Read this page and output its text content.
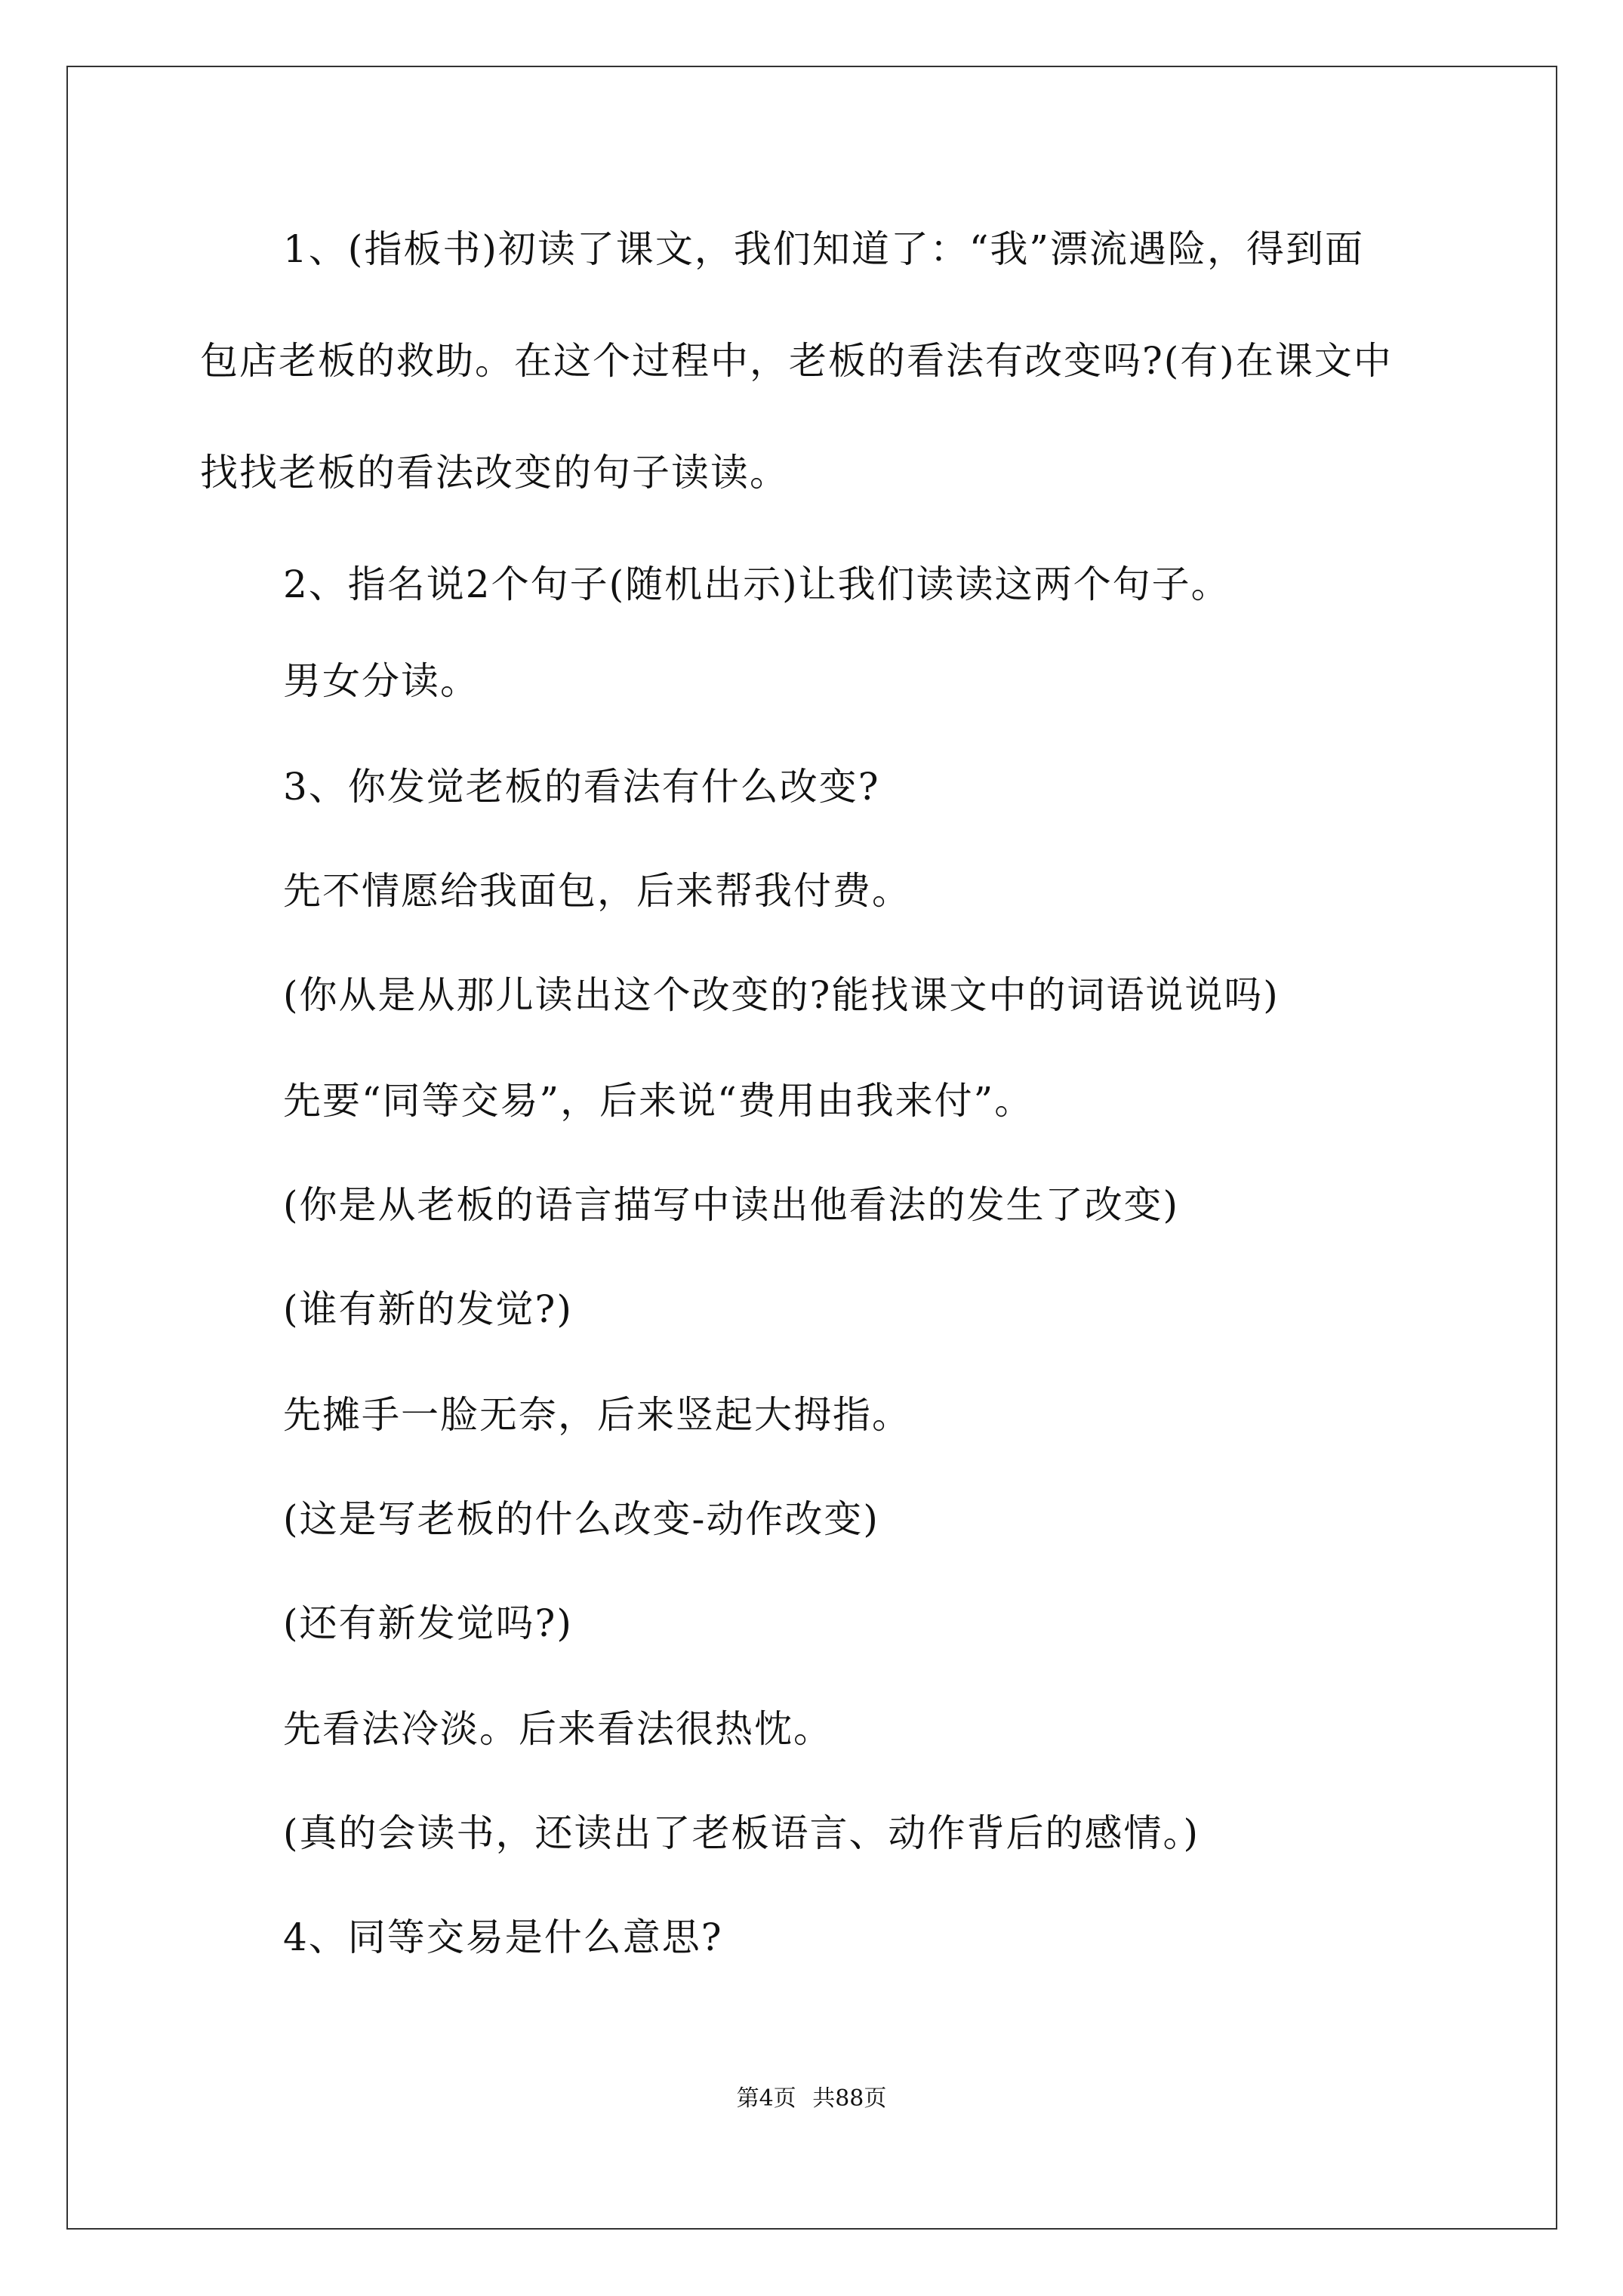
1、(指板书)初读了课文，我们知道了：“我”漂流遇险，得到面
包店老板的救助。在这个过程中，老板的看法有改变吗?(有)在课文中
找找老板的看法改变的句子读读。
2、指名说2个句子(随机出示)让我们读读这两个句子。
男女分读。
3、你发觉老板的看法有什么改变?
先不情愿给我面包，后来帮我付费。
(你从是从那儿读出这个改变的?能找课文中的词语说说吗)
先要“同等交易”，后来说“费用由我来付”。
(你是从老板的语言描写中读出他看法的发生了改变)
(谁有新的发觉?)
先摊手一脸无奈，后来竖起大拇指。
(这是写老板的什么改变-动作改变)
(还有新发觉吗?)
先看法冷淡。后来看法很热忱。
(真的会读书，还读出了老板语言、动作背后的感情。)
4、同等交易是什么意思?
第4页 共88页
